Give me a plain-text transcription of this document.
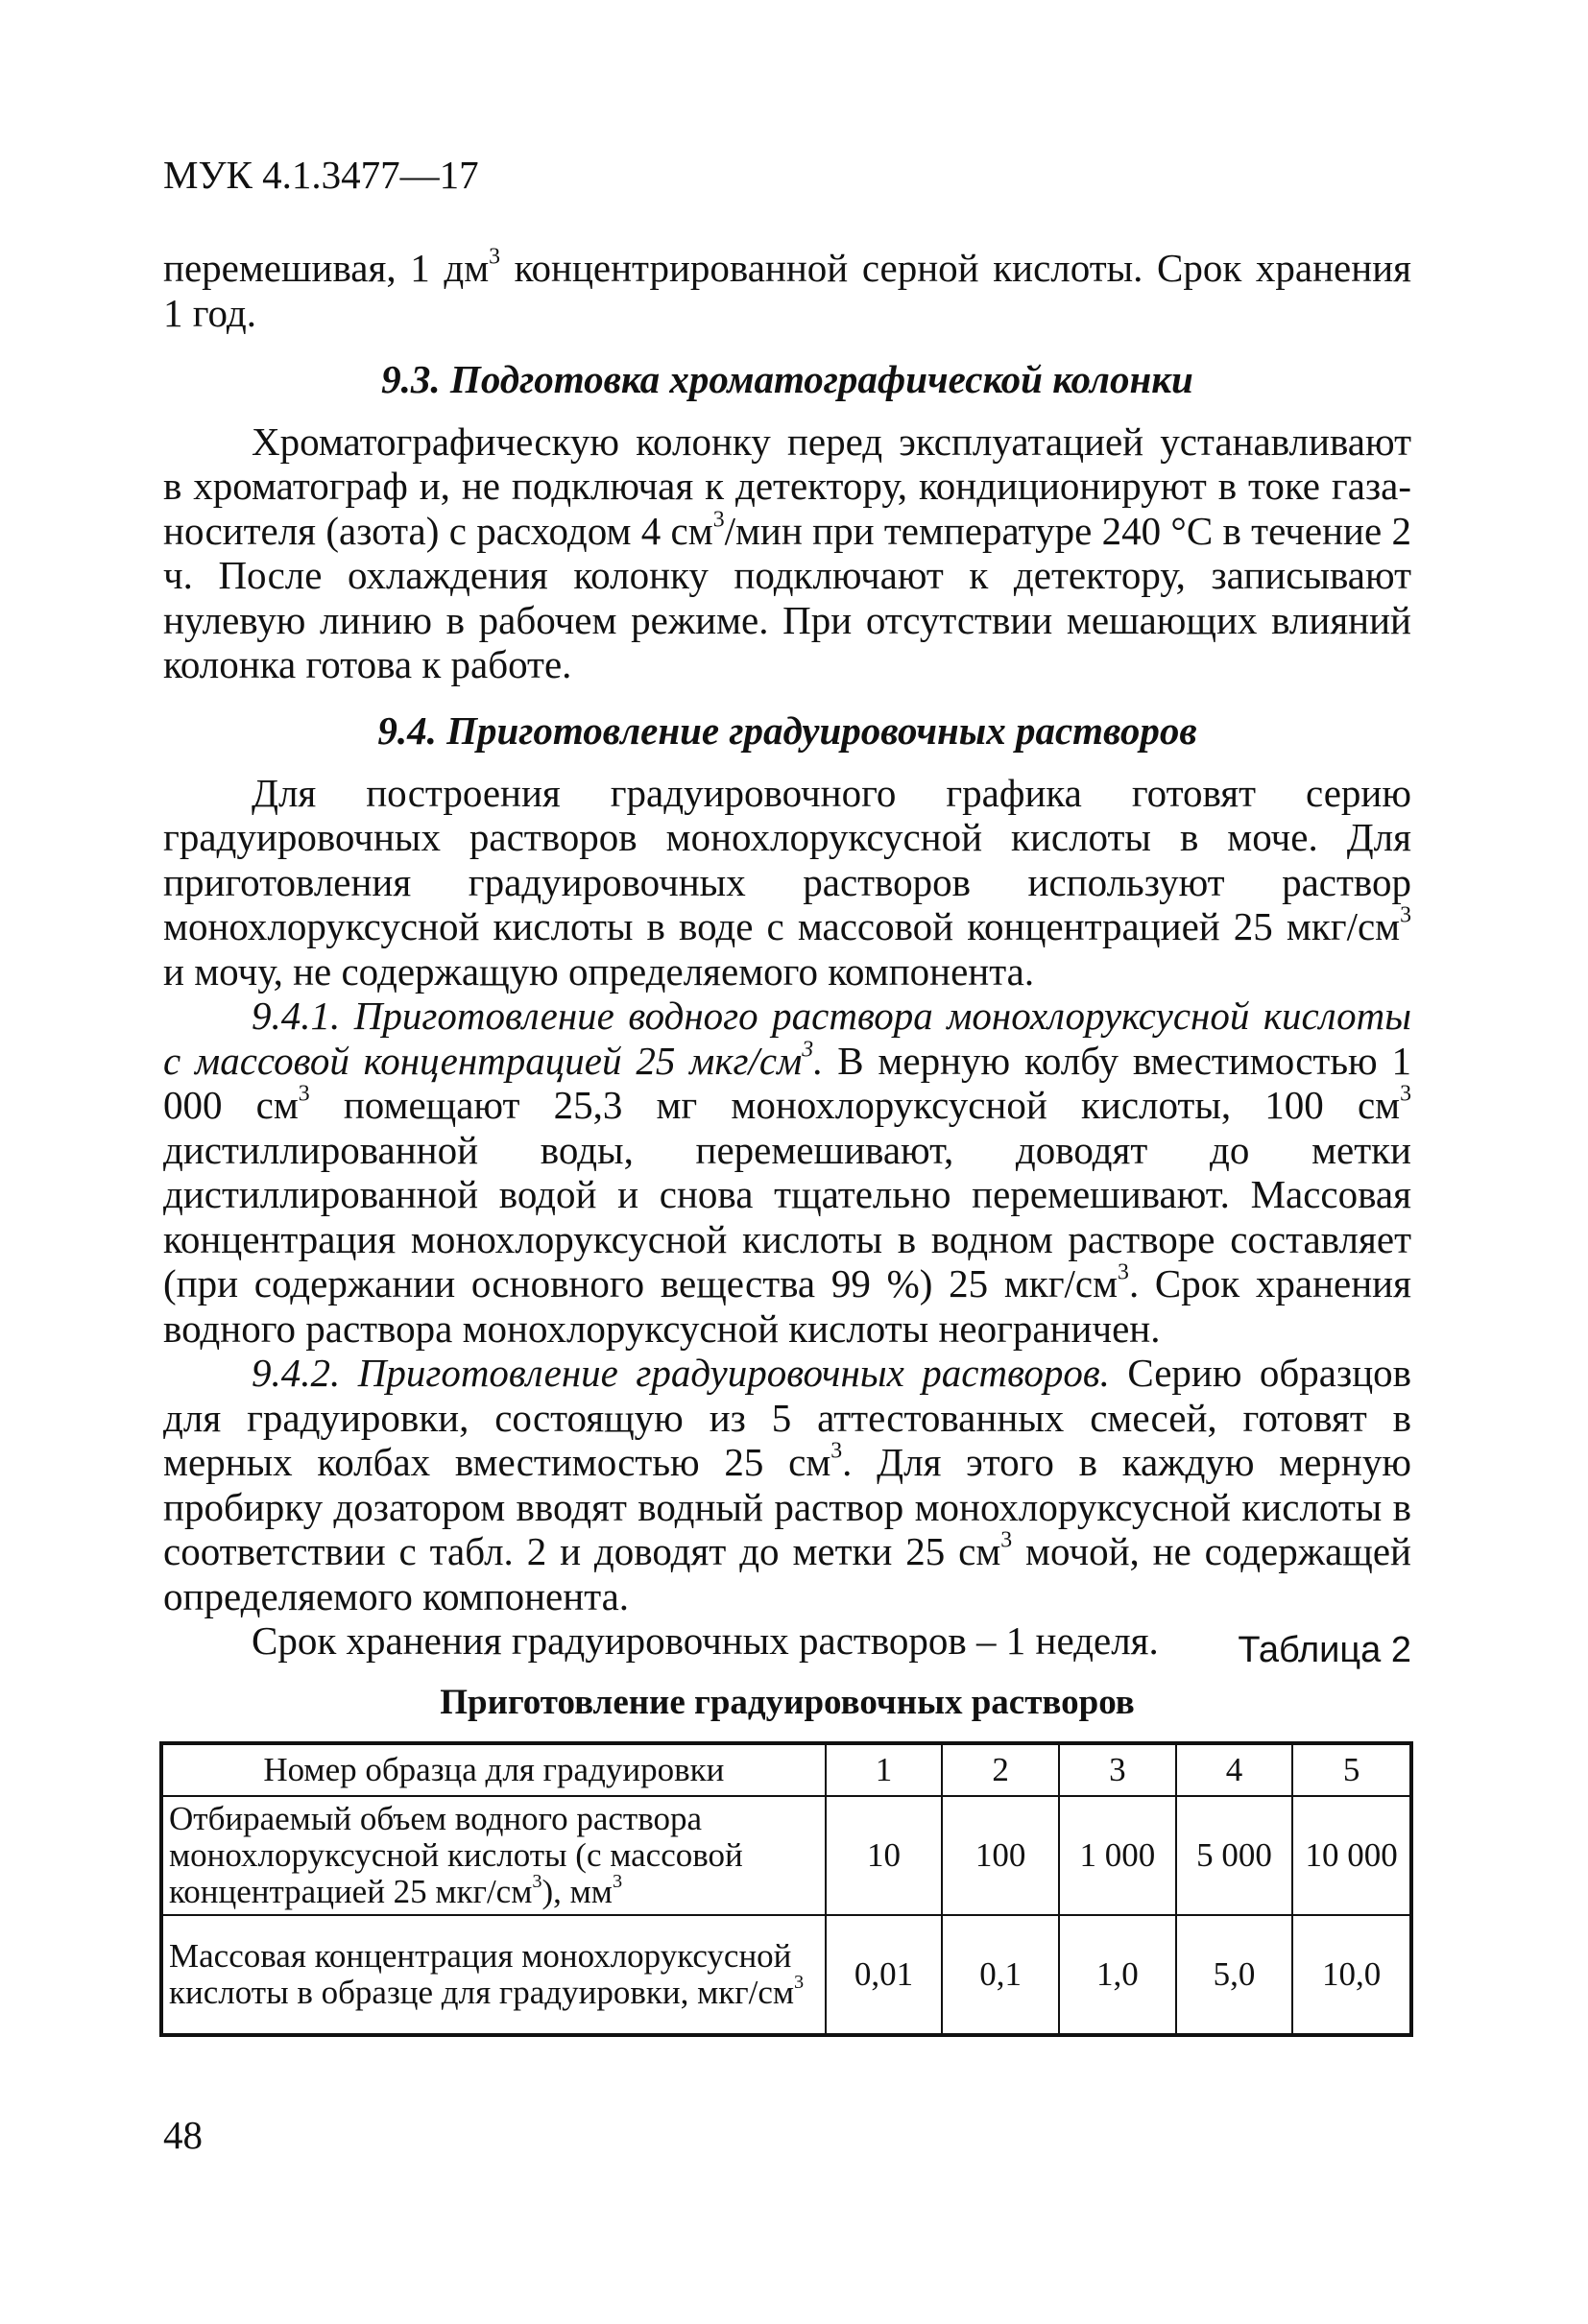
МУК 4.1.3477—17

перемешивая, 1 $дм^3$ концентрированной серной кислоты. Срок хранения 1 год.

9.3. Подготовка хроматографической колонки

Хроматографическую колонку перед эксплуатацией устанавливают в хроматограф и, не подключая к детектору, кондиционируют в токе газа-носителя (азота) с расходом 4 $см^3$/мин при температуре 240 °С в течение 2 ч. После охлаждения колонку подключают к детектору, записывают нулевую линию в рабочем режиме. При отсутствии мешающих влияний колонка готова к работе.

9.4. Приготовление градуировочных растворов

Для построения градуировочного графика готовят серию градуировочных растворов монохлоруксусной кислоты в моче. Для приготовления градуировочных растворов используют раствор монохлоруксусной кислоты в воде с массовой концентрацией 25 мкг/$см^3$ и мочу, не содержащую определяемого компонента.

9.4.1. Приготовление водного раствора монохлоруксусной кислоты с массовой концентрацией 25 мкг/$см^3$. В мерную колбу вместимостью 1 000 $см^3$ помещают 25,3 мг монохлоруксусной кислоты, 100 $см^3$ дистиллированной воды, перемешивают, доводят до метки дистиллированной водой и снова тщательно перемешивают. Массовая концентрация монохлоруксусной кислоты в водном растворе составляет (при содержании основного вещества 99 %) 25 мкг/$см^3$. Срок хранения водного раствора монохлоруксусной кислоты неограничен.

9.4.2. Приготовление градуировочных растворов. Серию образцов для градуировки, состоящую из 5 аттестованных смесей, готовят в мерных колбах вместимостью 25 $см^3$. Для этого в каждую мерную пробирку дозатором вводят водный раствор монохлоруксусной кислоты в соответствии с табл. 2 и доводят до метки 25 $см^3$ мочой, не содержащей определяемого компонента.

Срок хранения градуировочных растворов – 1 неделя.	Таблица 2
Приготовление градуировочных растворов
Номер образца для градуировки	1	2	3	4	5
Отбираемый объем водного раствора монохлоруксусной кислоты (с массовой концентрацией 25 мкг/$см^3$), $мм^3$	10	100	1 000	5 000	10 000
Массовая концентрация монохлоруксусной кислоты в образце для градуировки, мкг/$см^3$	0,01	0,1	1,0	5,0	10,0
48
